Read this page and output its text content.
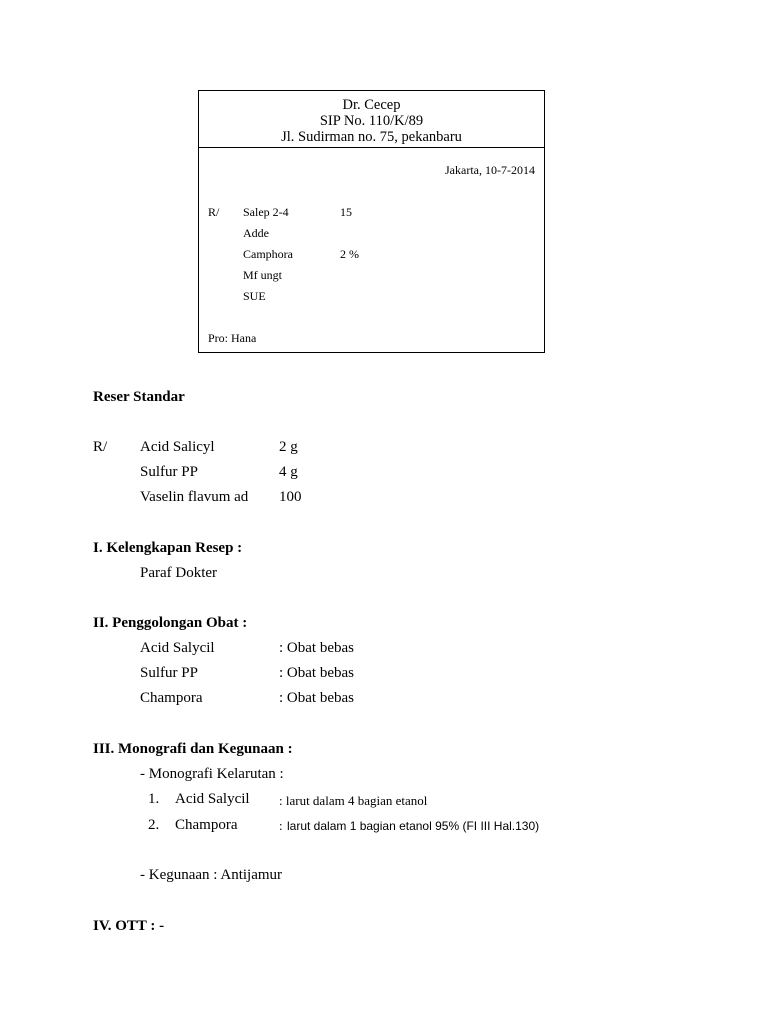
Dr. Cecep
SIP No. 110/K/89
Jl. Sudirman no. 75, pekanbaru
Jakarta, 10-7-2014
R/ Salep 2-4	15
Adde
Camphora	2 %
Mf ungt
SUE
Pro: Hana
Reser Standar
R/ Acid Salicyl	2 g
Sulfur PP	4 g
Vaselin flavum ad 100
I. Kelengkapan Resep :
Paraf Dokter
II. Penggolongan Obat :
Acid Salycil	: Obat bebas
Sulfur PP	: Obat bebas
Champora	: Obat bebas
III. Monografi dan Kegunaan :
- Monografi Kelarutan :
1. Acid Salycil : larut dalam 4 bagian etanol
2. Champora	: larut dalam 1 bagian etanol 95% (FI III Hal.130)
- Kegunaan : Antijamur
IV. OTT : -
